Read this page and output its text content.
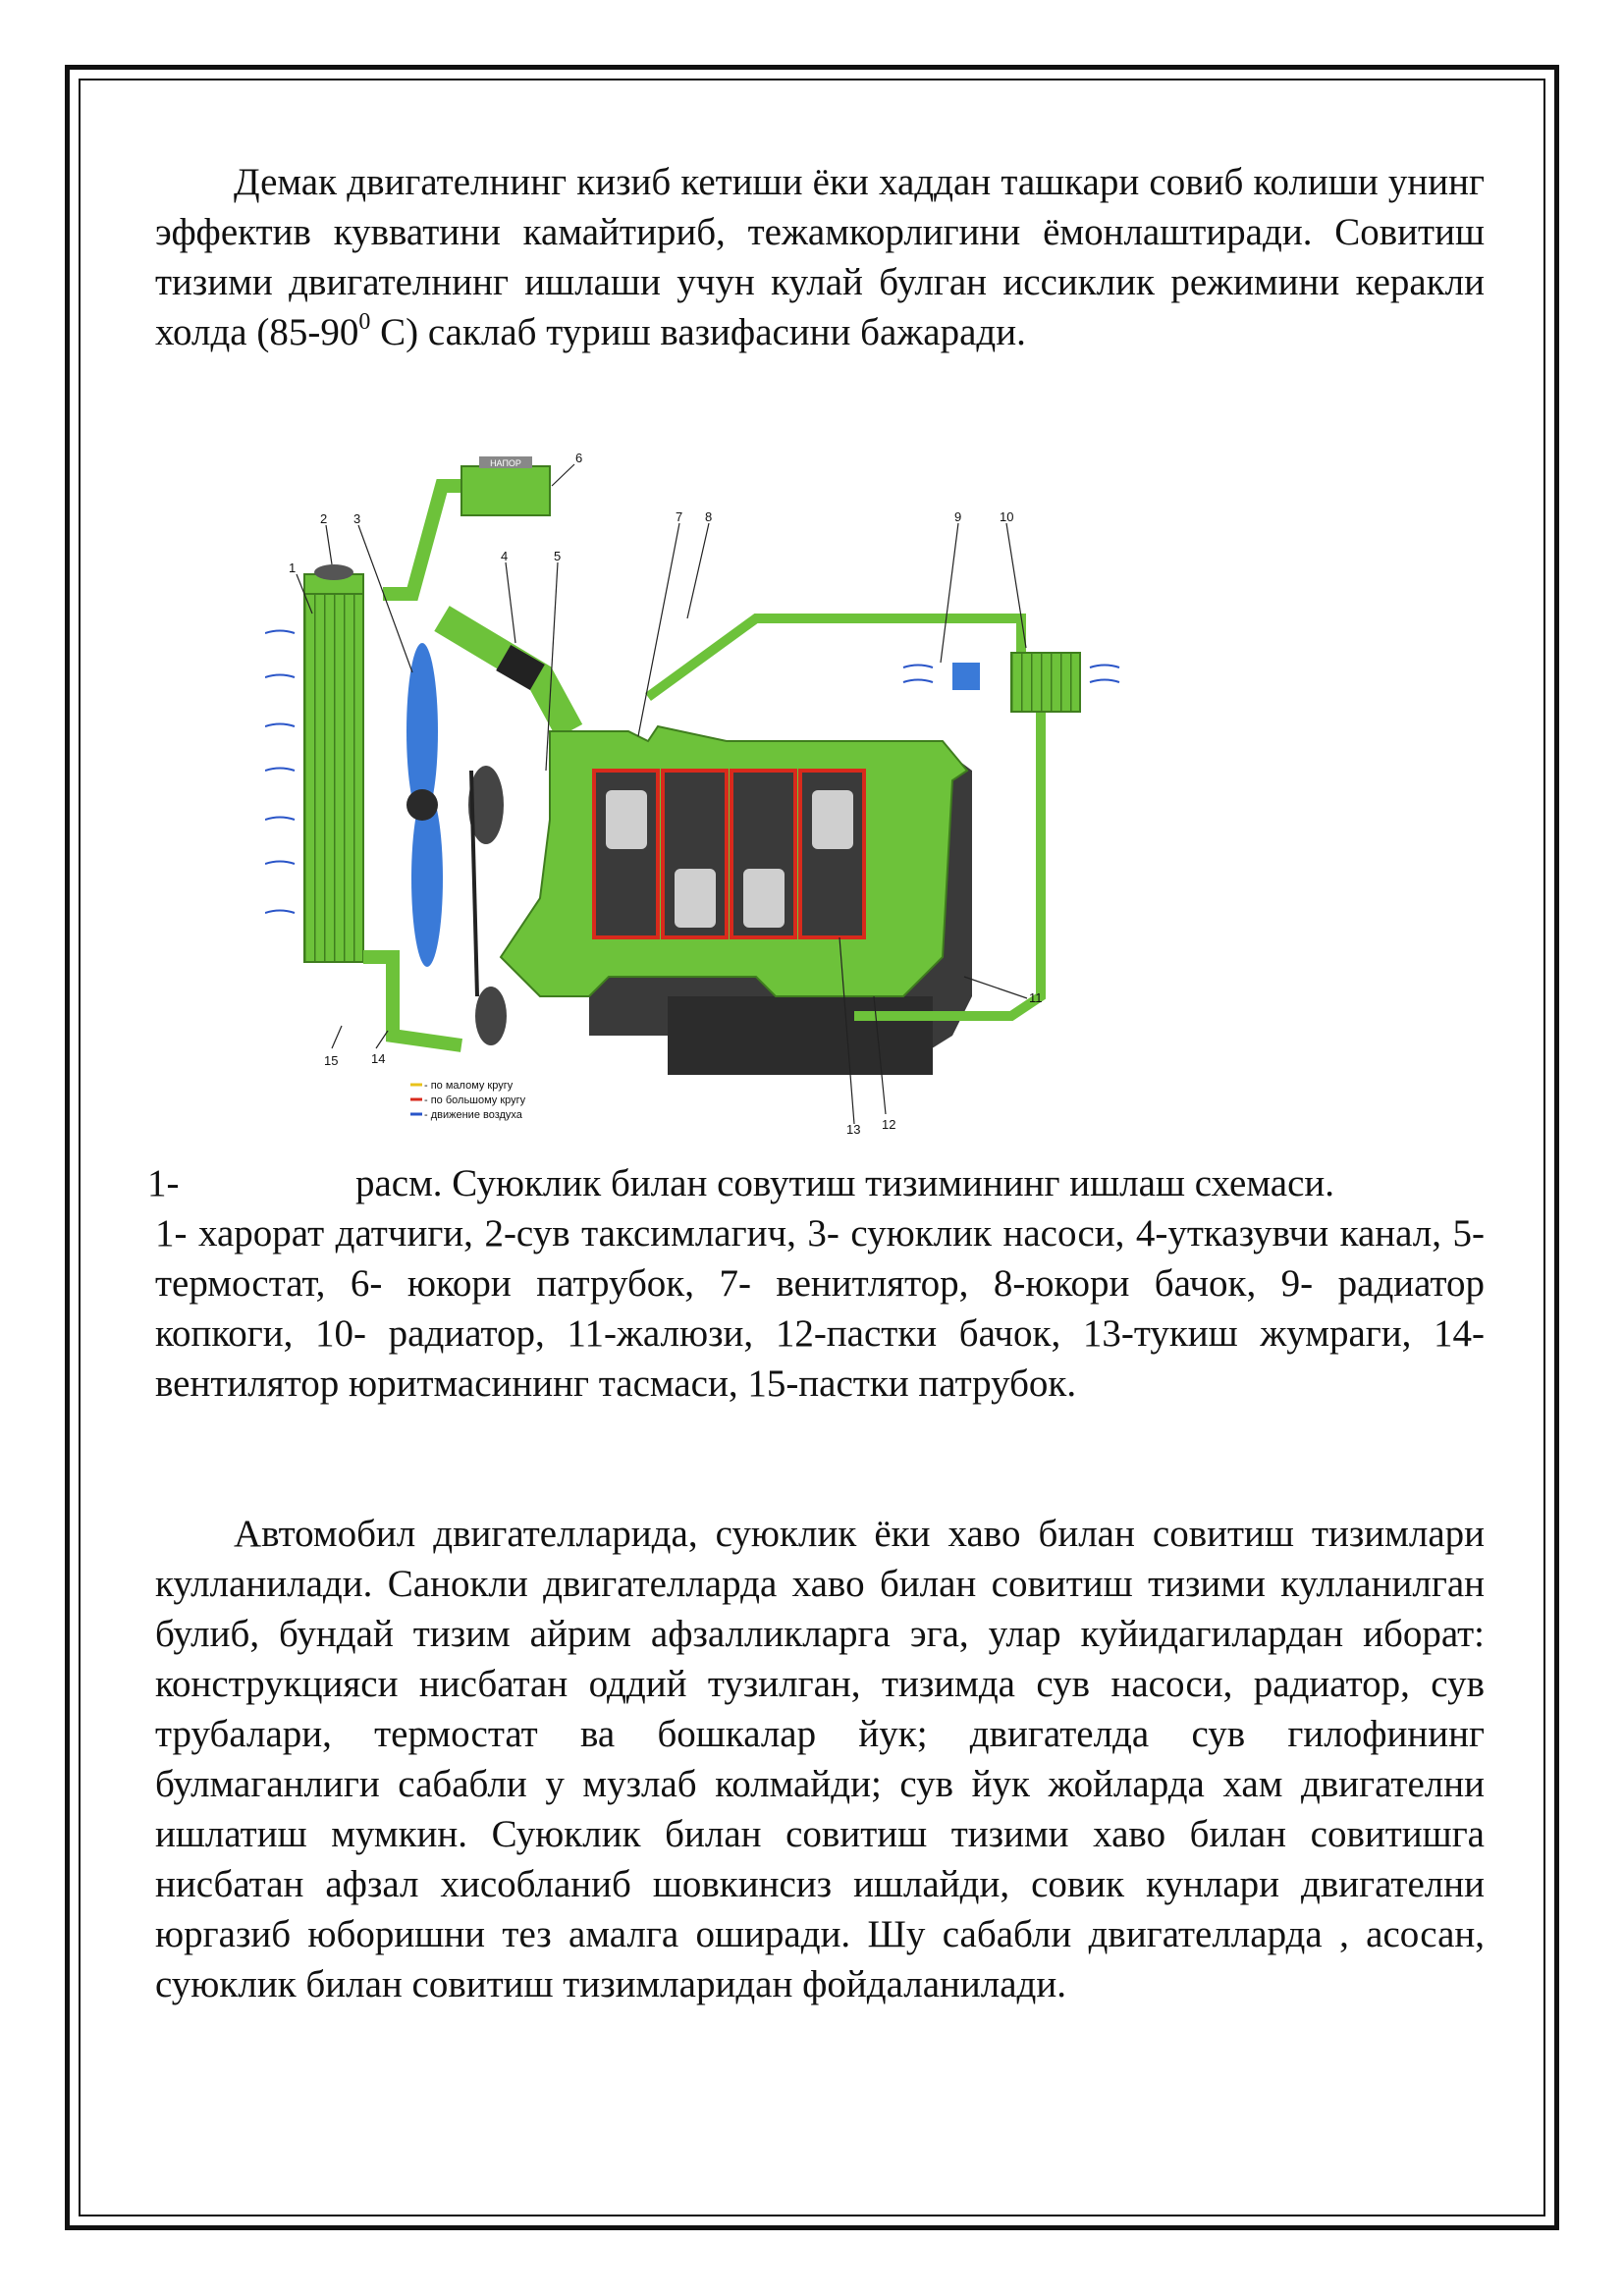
Демак двигателнинг кизиб кетиши ёки хаддан ташкари совиб колиши унинг эффектив кувватини камайтириб, тежамкорлигини ёмонлаштиради. Совитиш тизими двигателнинг ишлаши учун кулай булган иссиклик режимини керакли холда ($85-90^0$ С) саклаб туриш вазифасини бажаради.

НАПОР
1
2 3
4	5
6
7 8	9	10
11
12
13
14
15
- по малому кругу
- по большому кругу
- движение воздуха

1-	расм. Суюклик билан совутиш тизимининг ишлаш схемаси.

1- харорат датчиги, 2-сув таксимлагич, 3- суюклик насоси, 4-утказувчи канал, 5-термостат, 6- юкори патрубок, 7- венитлятор, 8-юкори бачок, 9- радиатор копкоги, 10- радиатор, 11-жалюзи, 12-пастки бачок, 13-тукиш жумраги, 14-вентилятор юритмасининг тасмаси, 15-пастки патрубок.

Автомобил двигателларида, суюклик ёки хаво билан совитиш тизимлари кулланилади. Санокли двигателларда хаво билан совитиш тизими кулланилган булиб, бундай тизим айрим афзалликларга эга, улар куйидагилардан иборат: конструкцияси нисбатан оддий тузилган, тизимда сув насоси, радиатор, сув трубалари, термостат ва бошкалар йук; двигателда сув гилофининг булмаганлиги сабабли у музлаб колмайди; сув йук жойларда хам двигателни ишлатиш мумкин. Суюклик билан совитиш тизими хаво билан совитишга нисбатан афзал хисобланиб шовкинсиз ишлайди, совик кунлари двигателни юргазиб юборишни тез амалга оширади. Шу сабабли двигателларда , асосан, суюклик билан совитиш тизимларидан фойдаланилади.
